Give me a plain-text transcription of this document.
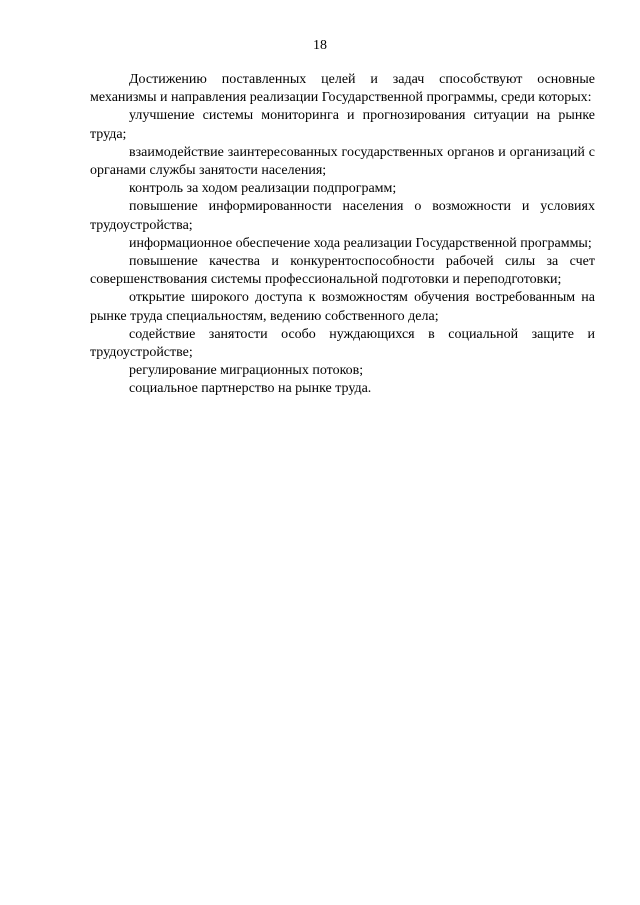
18

Достижению поставленных целей и задач способствуют основные механизмы и направления реализации Государственной программы, среди которых:

улучшение системы мониторинга и прогнозирования ситуации на рынке труда;

взаимодействие заинтересованных государственных органов и организаций с органами службы занятости населения;

контроль за ходом реализации подпрограмм;

повышение информированности населения о возможности и условиях трудоустройства;

информационное обеспечение хода реализации Государственной программы;

повышение качества и конкурентоспособности рабочей силы за счет совершенствования системы профессиональной подготовки и переподготовки;

открытие широкого доступа к возможностям обучения востребованным на рынке труда специальностям, ведению собственного дела;

содействие занятости особо нуждающихся в социальной защите и трудоустройстве;

регулирование миграционных потоков;

социальное партнерство на рынке труда.
